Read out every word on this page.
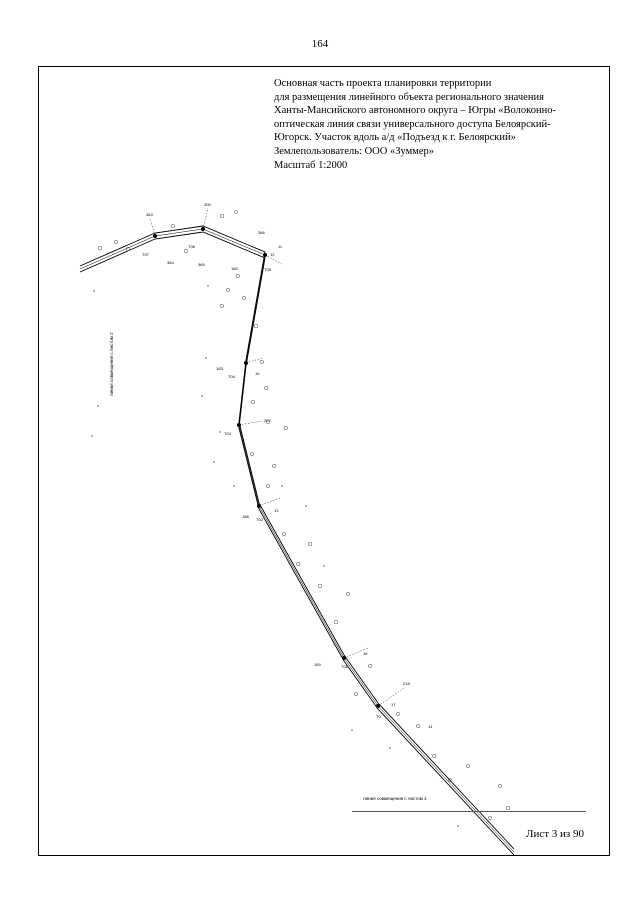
164
Основная часть проекта планировки территории
для размещения линейного объекта регионального значения
Ханты-Мансийского автономного округа – Югры «Волоконно-
оптическая линия связи универсального доступа Белоярский-
Югорск. Участок вдоль а/д «Подъезд к г. Белоярский»
Землепользователь: ООО «Зуммер»
Масштаб 1:2000
Т07
363
Т06
306
Т05
165
Т04
183
Т03
207
Т02
188
Т01
189
Т0
218
364	365
366
11
12
13
14
15
16
17
линия совмещения с листом 2
линия совмещения с листом 4
Лист 3 из 90
